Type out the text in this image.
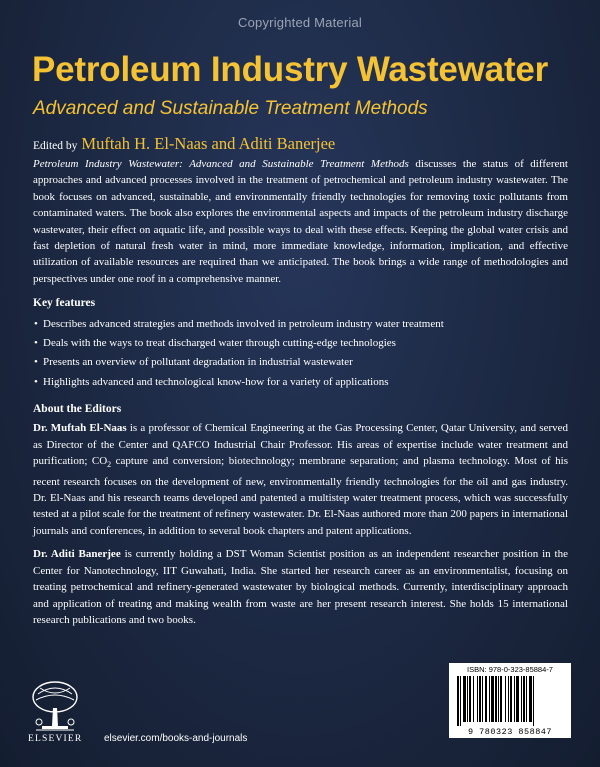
Copyrighted Material
Petroleum Industry Wastewater
Advanced and Sustainable Treatment Methods
Edited by Muftah H. El-Naas and Aditi Banerjee

Petroleum Industry Wastewater: Advanced and Sustainable Treatment Methods discusses the status of different approaches and advanced processes involved in the treatment of petrochemical and petroleum industry wastewater. The book focuses on advanced, sustainable, and environmentally friendly technologies for removing toxic pollutants from contaminated waters. The book also explores the environmental aspects and impacts of the petroleum industry discharge wastewater, their effect on aquatic life, and possible ways to deal with these effects. Keeping the global water crisis and fast depletion of natural fresh water in mind, more immediate knowledge, information, implication, and effective utilization of available resources are required than we anticipated. The book brings a wide range of methodologies and perspectives under one roof in a comprehensive manner.

Key features

• Describes advanced strategies and methods involved in petroleum industry water treatment
• Deals with the ways to treat discharged water through cutting-edge technologies
• Presents an overview of pollutant degradation in industrial wastewater
• Highlights advanced and technological know-how for a variety of applications

About the Editors

Dr. Muftah El-Naas is a professor of Chemical Engineering at the Gas Processing Center, Qatar University, and served as Director of the Center and QAFCO Industrial Chair Professor. His areas of expertise include water treatment and purification; $CO_2$ capture and conversion; biotechnology; membrane separation; and plasma technology. Most of his recent research focuses on the development of new, environmentally friendly technologies for the oil and gas industry. Dr. El-Naas and his research teams developed and patented a multistep water treatment process, which was successfully tested at a pilot scale for the treatment of refinery wastewater. Dr. El-Naas authored more than 200 papers in international journals and conferences, in addition to several book chapters and patent applications.

Dr. Aditi Banerjee is currently holding a DST Woman Scientist position as an independent researcher position in the Center for Nanotechnology, IIT Guwahati, India. She started her research career as an environmentalist, focusing on treating petrochemical and refinery-generated wastewater by biological methods. Currently, interdisciplinary approach and application of treating and making wealth from waste are her present research interest. She holds 15 international research publications and two books.

ELSEVIER elsevier.com/books-and-journals
ISBN: 978-0-323-85884-7
9 780323 858847
